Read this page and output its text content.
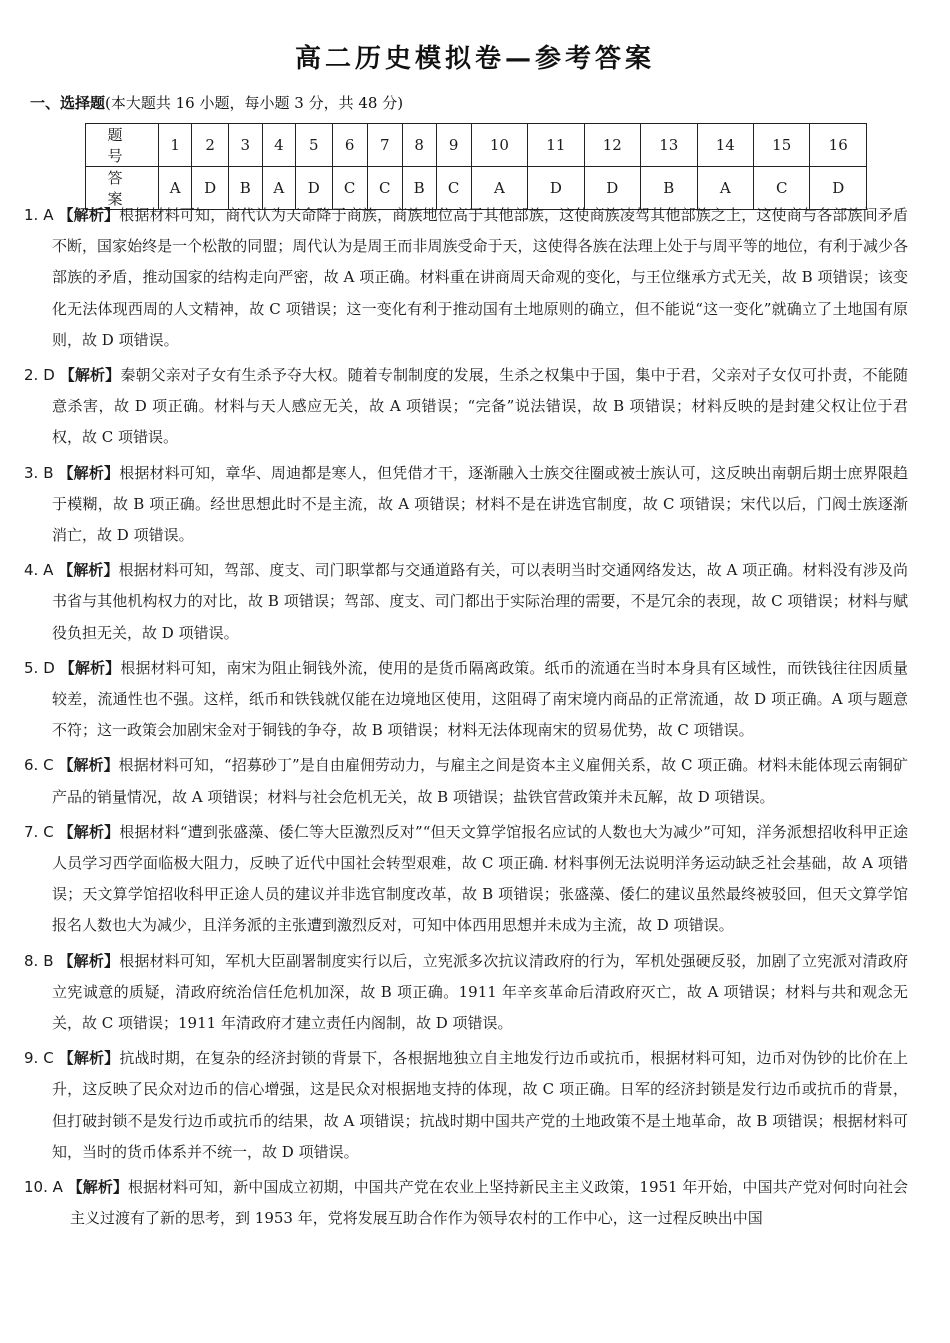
高二历史模拟卷—参考答案
一、选择题(本大题共 16 小题，每小题 3 分，共 48 分)
题 号	1	2	3	4	5	6	7	8	9	10	11	12	13	14	15	16
答 案	A	D	B	A	D	C	C	B	C	A	D	D	B	A	C	D
1. A 【解析】根据材料可知，商代认为天命降于商族，商族地位高于其他部族，这使商族凌驾其他部族之上，这使商与各部族间矛盾不断，国家始终是一个松散的同盟；周代认为是周王而非周族受命于天，这使得各族在法理上处于与周平等的地位，有利于减少各部族的矛盾，推动国家的结构走向严密，故 A 项正确。材料重在讲商周天命观的变化，与王位继承方式无关，故 B 项错误；该变化无法体现西周的人文精神，故 C 项错误；这一变化有利于推动国有土地原则的确立，但不能说“这一变化”就确立了土地国有原则，故 D 项错误。
2. D 【解析】秦朝父亲对子女有生杀予夺大权。随着专制制度的发展，生杀之权集中于国，集中于君，父亲对子女仅可扑责，不能随意杀害，故 D 项正确。材料与天人感应无关，故 A 项错误；“完备”说法错误，故 B 项错误；材料反映的是封建父权让位于君权，故 C 项错误。
3. B 【解析】根据材料可知，章华、周迪都是寒人，但凭借才干，逐渐融入士族交往圈或被士族认可，这反映出南朝后期士庶界限趋于模糊，故 B 项正确。经世思想此时不是主流，故 A 项错误；材料不是在讲选官制度，故 C 项错误；宋代以后，门阀士族逐渐消亡，故 D 项错误。
4. A 【解析】根据材料可知，驾部、度支、司门职掌都与交通道路有关，可以表明当时交通网络发达，故 A 项正确。材料没有涉及尚书省与其他机构权力的对比，故 B 项错误；驾部、度支、司门都出于实际治理的需要，不是冗余的表现，故 C 项错误；材料与赋役负担无关，故 D 项错误。
5. D 【解析】根据材料可知，南宋为阻止铜钱外流，使用的是货币隔离政策。纸币的流通在当时本身具有区域性，而铁钱往往因质量较差，流通性也不强。这样，纸币和铁钱就仅能在边境地区使用，这阻碍了南宋境内商品的正常流通，故 D 项正确。A 项与题意不符；这一政策会加剧宋金对于铜钱的争夺，故 B 项错误；材料无法体现南宋的贸易优势，故 C 项错误。
6. C 【解析】根据材料可知，“招募砂丁”是自由雇佣劳动力，与雇主之间是资本主义雇佣关系，故 C 项正确。材料未能体现云南铜矿产品的销量情况，故 A 项错误；材料与社会危机无关，故 B 项错误；盐铁官营政策并未瓦解，故 D 项错误。
7. C 【解析】根据材料“遭到张盛藻、倭仁等大臣激烈反对”“但天文算学馆报名应试的人数也大为减少”可知，洋务派想招收科甲正途人员学习西学面临极大阻力，反映了近代中国社会转型艰难，故 C 项正确. 材料事例无法说明洋务运动缺乏社会基础，故 A 项错误；天文算学馆招收科甲正途人员的建议并非选官制度改革，故 B 项错误；张盛藻、倭仁的建议虽然最终被驳回，但天文算学馆报名人数也大为减少，且洋务派的主张遭到激烈反对，可知中体西用思想并未成为主流，故 D 项错误。
8. B 【解析】根据材料可知，军机大臣副署制度实行以后，立宪派多次抗议清政府的行为，军机处强硬反驳，加剧了立宪派对清政府立宪诚意的质疑，清政府统治信任危机加深，故 B 项正确。1911 年辛亥革命后清政府灭亡，故 A 项错误；材料与共和观念无关，故 C 项错误；1911 年清政府才建立责任内阁制，故 D 项错误。
9. C 【解析】抗战时期，在复杂的经济封锁的背景下，各根据地独立自主地发行边币或抗币，根据材料可知，边币对伪钞的比价在上升，这反映了民众对边币的信心增强，这是民众对根据地支持的体现，故 C 项正确。日军的经济封锁是发行边币或抗币的背景，但打破封锁不是发行边币或抗币的结果，故 A 项错误；抗战时期中国共产党的土地政策不是土地革命，故 B 项错误；根据材料可知，当时的货币体系并不统一，故 D 项错误。
10. A 【解析】根据材料可知，新中国成立初期，中国共产党在农业上坚持新民主主义政策，1951 年开始，中国共产党对何时向社会主义过渡有了新的思考，到 1953 年，党将发展互助合作作为领导农村的工作中心，这一过程反映出中国
